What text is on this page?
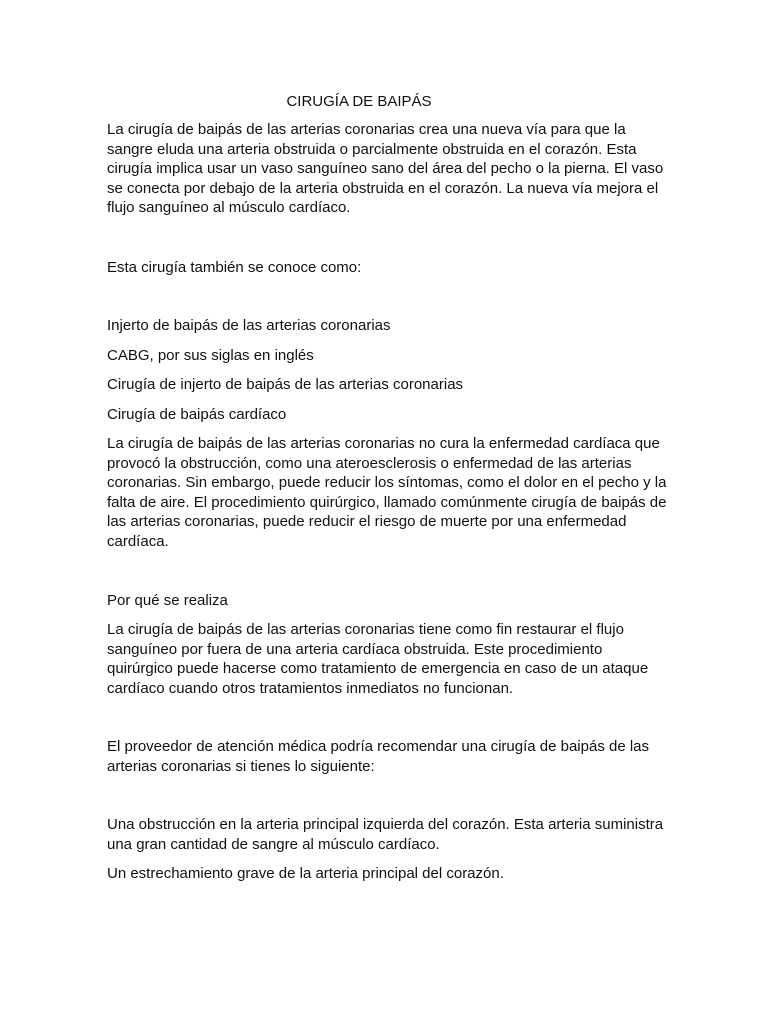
CIRUGÍA DE BAIPÁS

La cirugía de baipás de las arterias coronarias crea una nueva vía para que la sangre eluda una arteria obstruida o parcialmente obstruida en el corazón. Esta cirugía implica usar un vaso sanguíneo sano del área del pecho o la pierna. El vaso se conecta por debajo de la arteria obstruida en el corazón. La nueva vía mejora el flujo sanguíneo al músculo cardíaco.

Esta cirugía también se conoce como:

Injerto de baipás de las arterias coronarias

CABG, por sus siglas en inglés

Cirugía de injerto de baipás de las arterias coronarias

Cirugía de baipás cardíaco

La cirugía de baipás de las arterias coronarias no cura la enfermedad cardíaca que provocó la obstrucción, como una ateroesclerosis o enfermedad de las arterias coronarias. Sin embargo, puede reducir los síntomas, como el dolor en el pecho y la falta de aire. El procedimiento quirúrgico, llamado comúnmente cirugía de baipás de las arterias coronarias, puede reducir el riesgo de muerte por una enfermedad cardíaca.

Por qué se realiza

La cirugía de baipás de las arterias coronarias tiene como fin restaurar el flujo sanguíneo por fuera de una arteria cardíaca obstruida. Este procedimiento quirúrgico puede hacerse como tratamiento de emergencia en caso de un ataque cardíaco cuando otros tratamientos inmediatos no funcionan.

El proveedor de atención médica podría recomendar una cirugía de baipás de las arterias coronarias si tienes lo siguiente:

Una obstrucción en la arteria principal izquierda del corazón. Esta arteria suministra una gran cantidad de sangre al músculo cardíaco.

Un estrechamiento grave de la arteria principal del corazón.
